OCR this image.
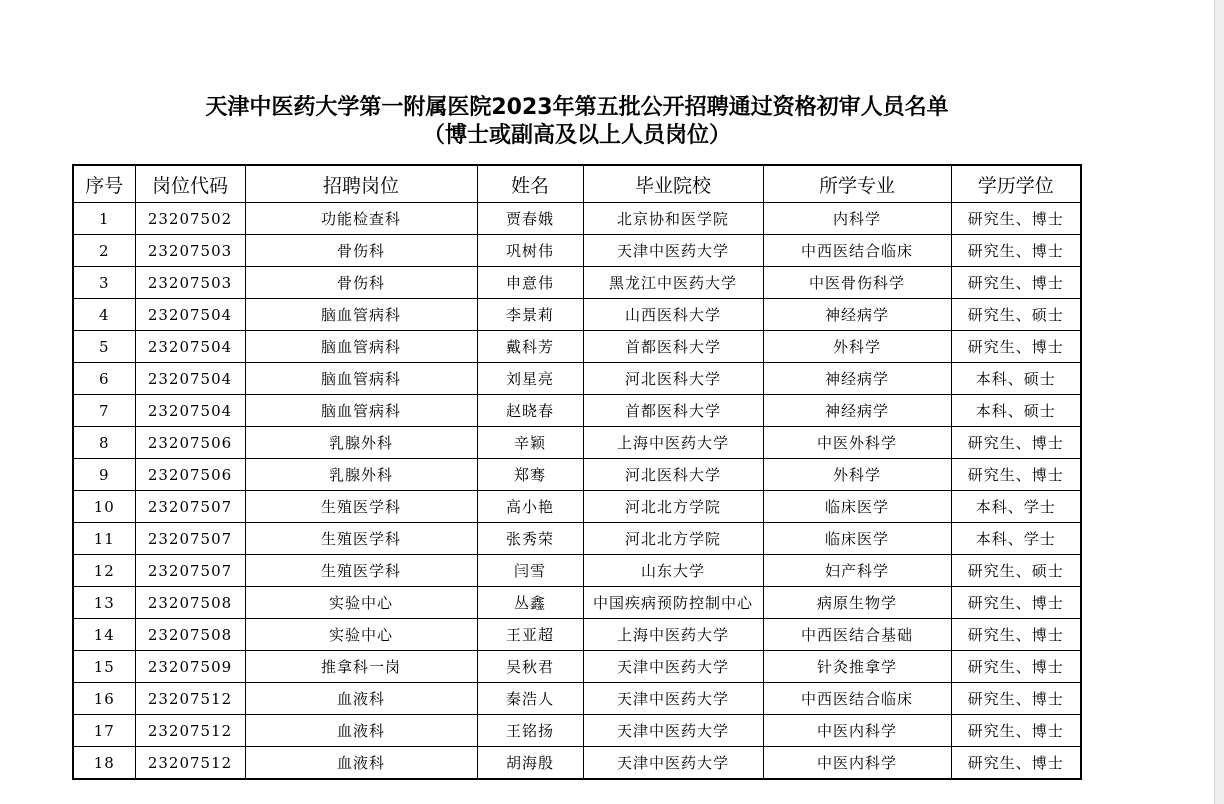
天津中医药大学第一附属医院2023年第五批公开招聘通过资格初审人员名单
（博士或副高及以上人员岗位）
序号	岗位代码	招聘岗位	姓名	毕业院校	所学专业	学历学位
1	23207502	功能检查科	贾春娥	北京协和医学院	内科学	研究生、博士
2	23207503	骨伤科	巩树伟	天津中医药大学	中西医结合临床	研究生、博士
3	23207503	骨伤科	申意伟	黑龙江中医药大学	中医骨伤科学	研究生、博士
4	23207504	脑血管病科	李景莉	山西医科大学	神经病学	研究生、硕士
5	23207504	脑血管病科	戴科芳	首都医科大学	外科学	研究生、博士
6	23207504	脑血管病科	刘星亮	河北医科大学	神经病学	本科、硕士
7	23207504	脑血管病科	赵晓春	首都医科大学	神经病学	本科、硕士
8	23207506	乳腺外科	辛颖	上海中医药大学	中医外科学	研究生、博士
9	23207506	乳腺外科	郑骞	河北医科大学	外科学	研究生、博士
10	23207507	生殖医学科	高小艳	河北北方学院	临床医学	本科、学士
11	23207507	生殖医学科	张秀荣	河北北方学院	临床医学	本科、学士
12	23207507	生殖医学科	闫雪	山东大学	妇产科学	研究生、硕士
13	23207508	实验中心	丛鑫	中国疾病预防控制中心	病原生物学	研究生、博士
14	23207508	实验中心	王亚超	上海中医药大学	中西医结合基础	研究生、博士
15	23207509	推拿科一岗	吴秋君	天津中医药大学	针灸推拿学	研究生、博士
16	23207512	血液科	秦浩人	天津中医药大学	中西医结合临床	研究生、博士
17	23207512	血液科	王铭扬	天津中医药大学	中医内科学	研究生、博士
18	23207512	血液科	胡海殷	天津中医药大学	中医内科学	研究生、博士
